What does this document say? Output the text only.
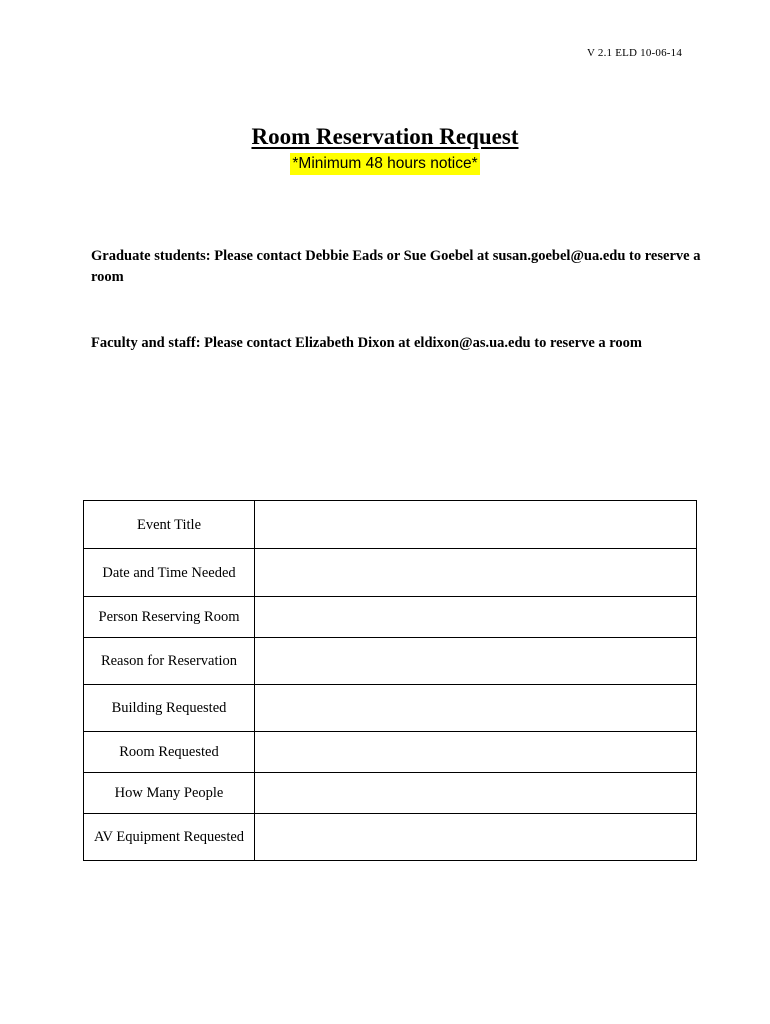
V 2.1 ELD 10-06-14
Room Reservation Request
*Minimum 48 hours notice*
Graduate students: Please contact Debbie Eads or Sue Goebel at susan.goebel@ua.edu to reserve a room
Faculty and staff: Please contact Elizabeth Dixon at eldixon@as.ua.edu to reserve a room
Event Title	
Date and Time Needed	
Person Reserving Room	
Reason for Reservation	
Building Requested	
Room Requested	
How Many People	
AV Equipment Requested	
